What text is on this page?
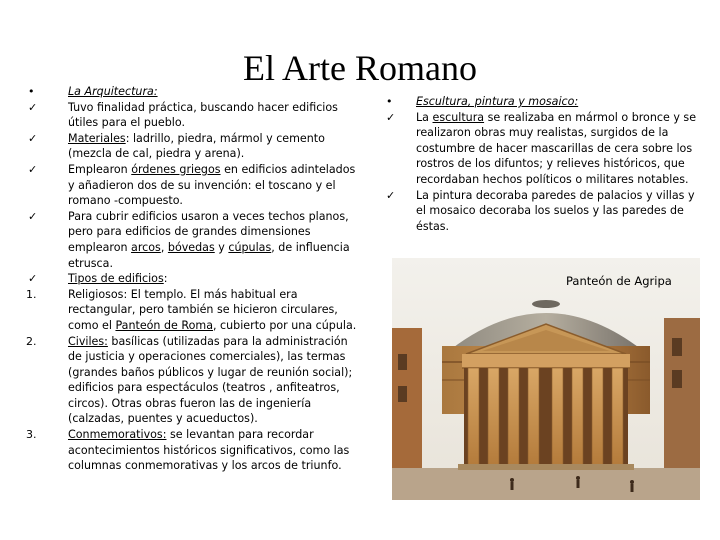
El Arte Romano
•	La Arquitectura:
✓	Tuvo finalidad práctica, buscando hacer edificios útiles para el pueblo.
✓	Materiales: ladrillo, piedra, mármol y cemento (mezcla de cal, piedra y arena).
✓	Emplearon órdenes griegos en edificios adintelados y añadieron dos de su invención: el toscano y el romano -compuesto.
✓	Para cubrir edificios usaron a veces techos planos, pero para edificios de grandes dimensiones emplearon arcos, bóvedas y cúpulas, de influencia etrusca.
✓	Tipos de edificios:
1.	Religiosos: El templo. El más habitual era rectangular, pero también se hicieron circulares, como el Panteón de Roma, cubierto por una cúpula.
2.	Civiles: basílicas (utilizadas para la administración de justicia y operaciones comerciales), las termas (grandes baños públicos y lugar de reunión social); edificios para espectáculos (teatros , anfiteatros, circos). Otras obras fueron las de ingeniería (calzadas, puentes y acueductos).
3.	Conmemorativos: se levantan para recordar acontecimientos históricos significativos, como las columnas conmemorativas y los arcos de triunfo.
•	Escultura, pintura y mosaico:
✓	La escultura se realizaba en mármol o bronce y se realizaron obras muy realistas, surgidos de la costumbre de hacer mascarillas de cera sobre los rostros de los difuntos; y relieves históricos, que recordaban hechos políticos o militares notables.
✓	La pintura decoraba paredes de palacios y villas y el mosaico decoraba los suelos y las paredes de éstas.
Panteón de Agripa
